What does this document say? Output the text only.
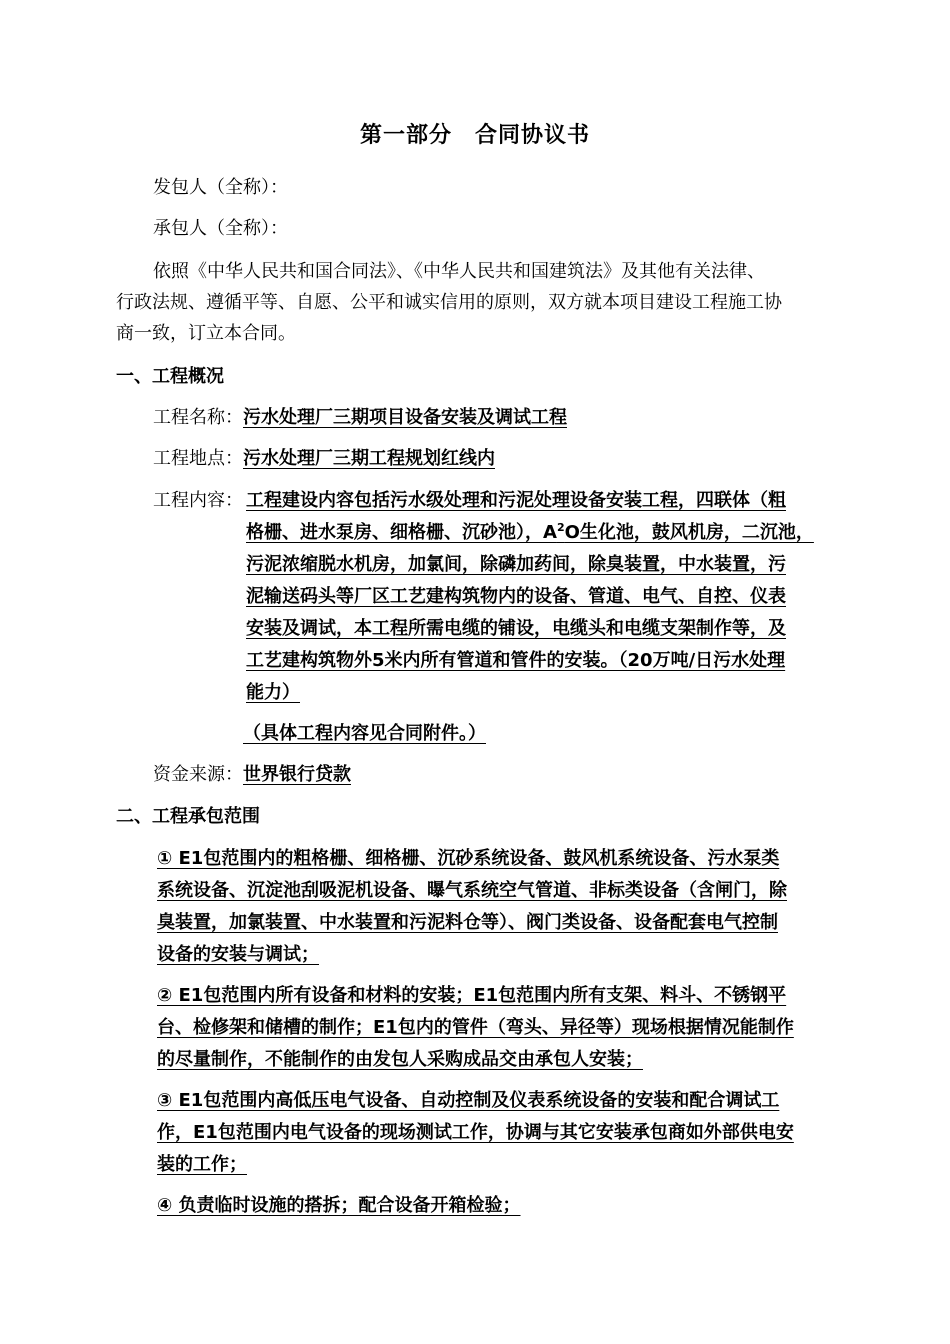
第一部分　合同协议书
发包人（全称）：
承包人（全称）：
依照《中华人民共和国合同法》、《中华人民共和国建筑法》及其他有关法律、
行政法规、遵循平等、自愿、公平和诚实信用的原则，双方就本项目建设工程施工协
商一致，订立本合同。
一、工程概况
工程名称：污水处理厂三期项目设备安装及调试工程
工程地点：污水处理厂三期工程规划红线内
工程内容： 工程建设内容包括污水级处理和污泥处理设备安装工程，四联体（粗
格栅、进水泵房、细格栅、沉砂池），$A^2O$生化池，鼓风机房，二沉池，
污泥浓缩脱水机房，加氯间，除磷加药间，除臭装置，中水装置，污
泥输送码头等厂区工艺建构筑物内的设备、管道、电气、自控、仪表
安装及调试，本工程所需电缆的铺设，电缆头和电缆支架制作等，及
工艺建构筑物外5米内所有管道和管件的安装。（20万吨/日污水处理
能力）
（具体工程内容见合同附件。）
资金来源：世界银行贷款
二、工程承包范围
① E1包范围内的粗格栅、细格栅、沉砂系统设备、鼓风机系统设备、污水泵类
系统设备、沉淀池刮吸泥机设备、曝气系统空气管道、非标类设备（含闸门，除
臭装置，加氯装置、中水装置和污泥料仓等）、阀门类设备、设备配套电气控制
设备的安装与调试；
② E1包范围内所有设备和材料的安装；E1包范围内所有支架、料斗、不锈钢平
台、检修架和储槽的制作；E1包内的管件（弯头、异径等）现场根据情况能制作
的尽量制作，不能制作的由发包人采购成品交由承包人安装；
③ E1包范围内高低压电气设备、自动控制及仪表系统设备的安装和配合调试工
作，E1包范围内电气设备的现场测试工作，协调与其它安装承包商如外部供电安
装的工作；
④ 负责临时设施的搭拆；配合设备开箱检验；
